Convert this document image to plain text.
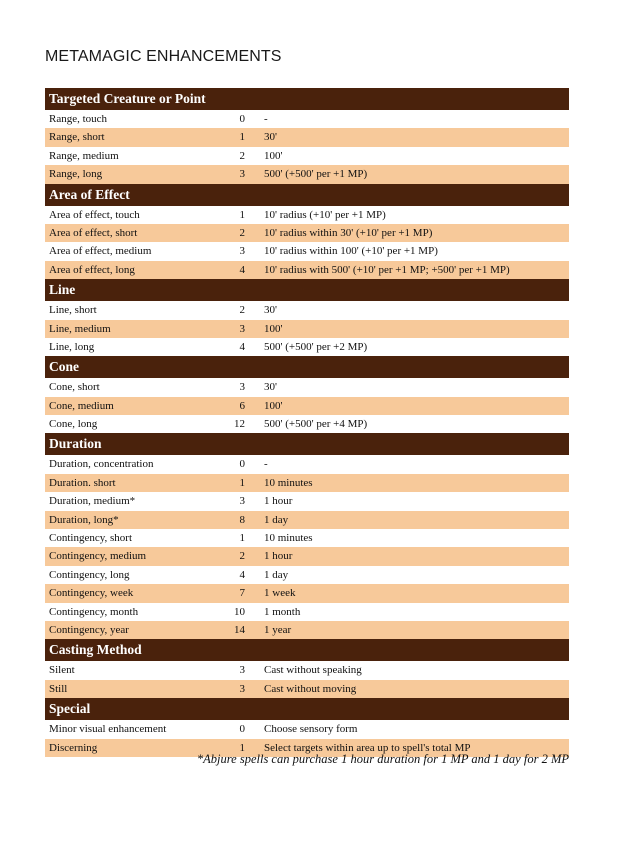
METAMAGIC ENHANCEMENTS
Targeted Creature or Point
Range, touch	0 -
Range, short	1 30'
Range, medium	2 100'
Range, long	3 500' (+500' per +1 MP)
Area of Effect
Area of effect, touch	1 10' radius (+10' per +1 MP)
Area of effect, short	2 10' radius within 30' (+10' per +1 MP)
Area of effect, medium	3 10' radius within 100' (+10' per +1 MP)
Area of effect, long	4 10' radius with 500' (+10' per +1 MP; +500' per +1 MP)
Line
Line, short	2 30'
Line, medium	3 100'
Line, long	4 500' (+500' per +2 MP)
Cone
Cone, short	3 30'
Cone, medium	6 100'
Cone, long	12 500' (+500' per +4 MP)
Duration
Duration, concentration	0 -
Duration. short	1 10 minutes
Duration, medium*	3 1 hour
Duration, long*	8 1 day
Contingency, short	1 10 minutes
Contingency, medium	2 1 hour
Contingency, long	4 1 day
Contingency, week	7 1 week
Contingency, month	10 1 month
Contingency, year	14 1 year
Casting Method
Silent	3 Cast without speaking
Still	3 Cast without moving
Special
Minor visual enhancement	0 Choose sensory form
Discerning	1 Select targets within area up to spell's total MP
*Abjure spells can purchase 1 hour duration for 1 MP and 1 day for 2 MP
